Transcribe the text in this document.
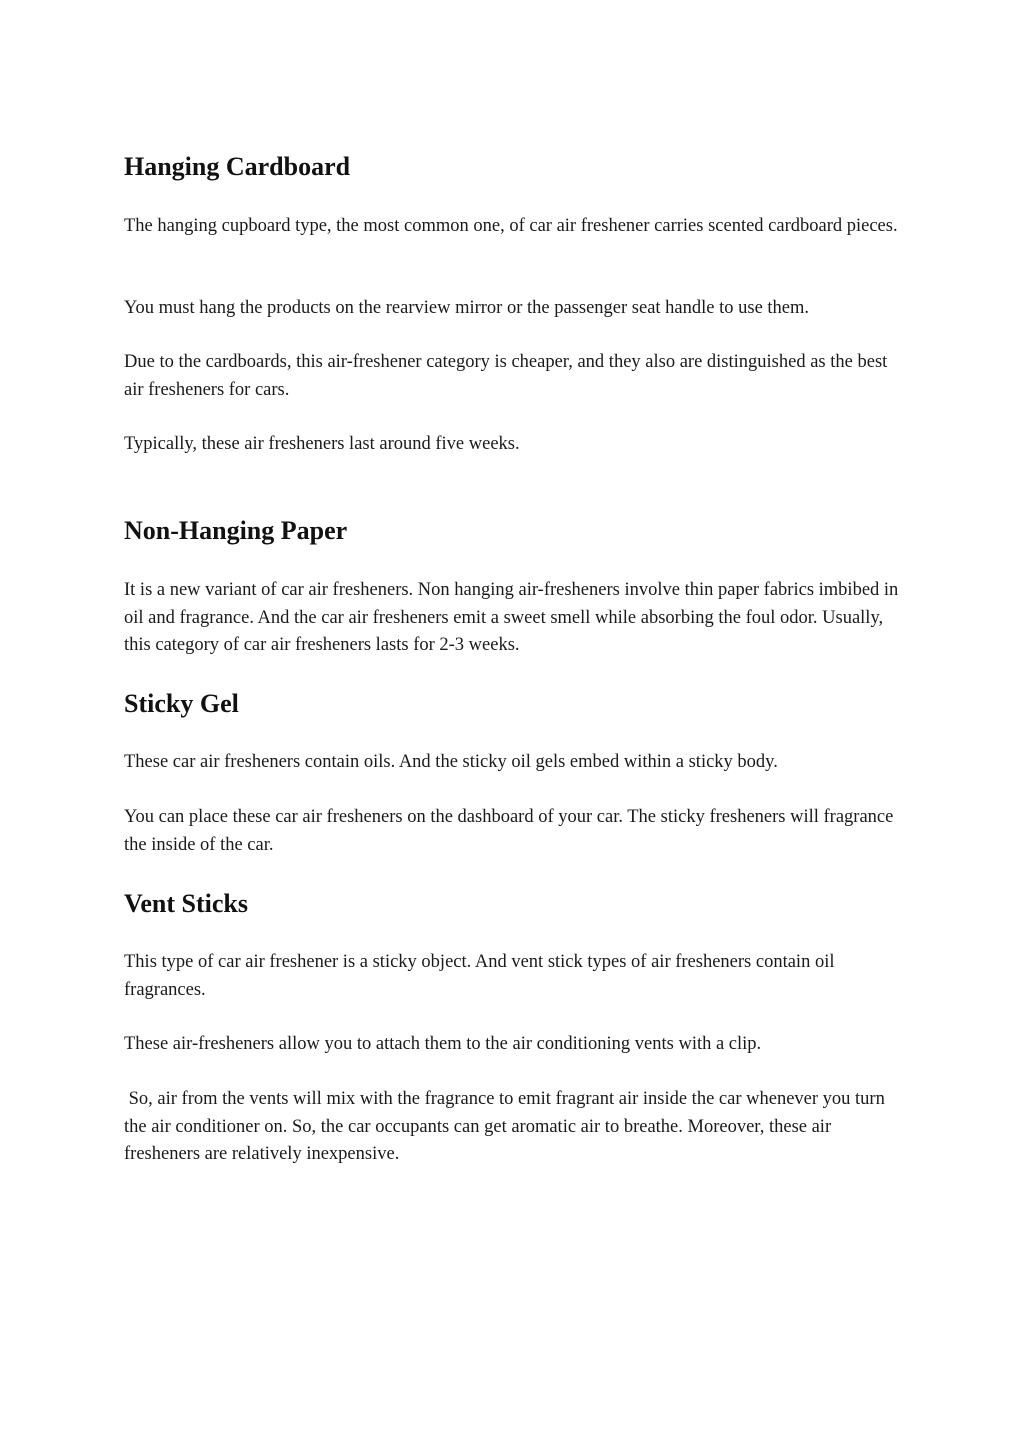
Hanging Cardboard

The hanging cupboard type, the most common one, of car air freshener carries scented cardboard pieces.

You must hang the products on the rearview mirror or the passenger seat handle to use them.

Due to the cardboards, this air-freshener category is cheaper, and they also are distinguished as the best air fresheners for cars.

Typically, these air fresheners last around five weeks.

Non-Hanging Paper

It is a new variant of car air fresheners. Non hanging air-fresheners involve thin paper fabrics imbibed in oil and fragrance. And the car air fresheners emit a sweet smell while absorbing the foul odor. Usually, this category of car air fresheners lasts for 2-3 weeks.

Sticky Gel

These car air fresheners contain oils. And the sticky oil gels embed within a sticky body.

You can place these car air fresheners on the dashboard of your car. The sticky fresheners will fragrance the inside of the car.

Vent Sticks

This type of car air freshener is a sticky object. And vent stick types of air fresheners contain oil fragrances.

These air-fresheners allow you to attach them to the air conditioning vents with a clip.

So, air from the vents will mix with the fragrance to emit fragrant air inside the car whenever you turn the air conditioner on. So, the car occupants can get aromatic air to breathe. Moreover, these air fresheners are relatively inexpensive.
